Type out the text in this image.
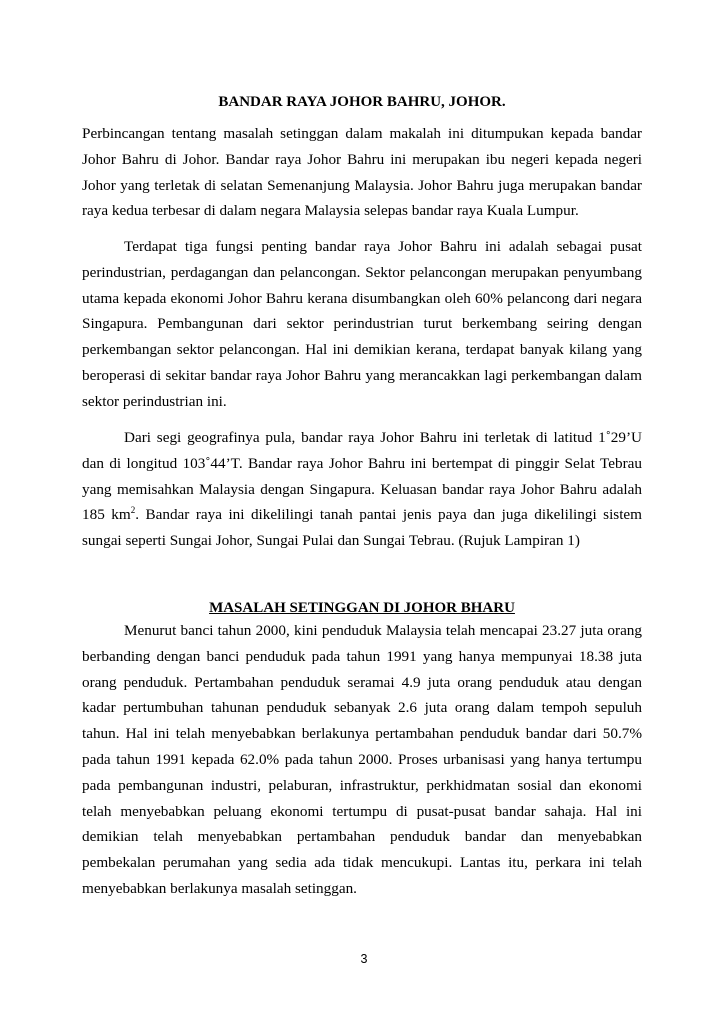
BANDAR RAYA JOHOR BAHRU, JOHOR.

Perbincangan tentang masalah setinggan dalam makalah ini ditumpukan kepada bandar Johor Bahru di Johor. Bandar raya Johor Bahru ini merupakan ibu negeri kepada negeri Johor yang terletak di selatan Semenanjung Malaysia. Johor Bahru juga merupakan bandar raya kedua terbesar di dalam negara Malaysia selepas bandar raya Kuala Lumpur.

Terdapat tiga fungsi penting bandar raya Johor Bahru ini adalah sebagai pusat perindustrian, perdagangan dan pelancongan. Sektor pelancongan merupakan penyumbang utama kepada ekonomi Johor Bahru kerana disumbangkan oleh 60% pelancong dari negara Singapura. Pembangunan dari sektor perindustrian turut berkembang seiring dengan perkembangan sektor pelancongan. Hal ini demikian kerana, terdapat banyak kilang yang beroperasi di sekitar bandar raya Johor Bahru yang merancakkan lagi perkembangan dalam sektor perindustrian ini.

Dari segi geografinya pula, bandar raya Johor Bahru ini terletak di latitud 1˚29’U dan di longitud 103˚44’T. Bandar raya Johor Bahru ini bertempat di pinggir Selat Tebrau yang memisahkan Malaysia dengan Singapura. Keluasan bandar raya Johor Bahru adalah 185 $km^2$. Bandar raya ini dikelilingi tanah pantai jenis paya dan juga dikelilingi sistem sungai seperti Sungai Johor, Sungai Pulai dan Sungai Tebrau. (Rujuk Lampiran 1)

MASALAH SETINGGAN DI JOHOR BHARU

Menurut banci tahun 2000, kini penduduk Malaysia telah mencapai 23.27 juta orang berbanding dengan banci penduduk pada tahun 1991 yang hanya mempunyai 18.38 juta orang penduduk. Pertambahan penduduk seramai 4.9 juta orang penduduk atau dengan kadar pertumbuhan tahunan penduduk sebanyak 2.6 juta orang dalam tempoh sepuluh tahun. Hal ini telah menyebabkan berlakunya pertambahan penduduk bandar dari 50.7% pada tahun 1991 kepada 62.0% pada tahun 2000. Proses urbanisasi yang hanya tertumpu pada pembangunan industri, pelaburan, infrastruktur, perkhidmatan sosial dan ekonomi telah menyebabkan peluang ekonomi tertumpu di pusat-pusat bandar sahaja. Hal ini demikian telah menyebabkan pertambahan penduduk bandar dan menyebabkan pembekalan perumahan yang sedia ada tidak mencukupi. Lantas itu, perkara ini telah menyebabkan berlakunya masalah setinggan.

3
